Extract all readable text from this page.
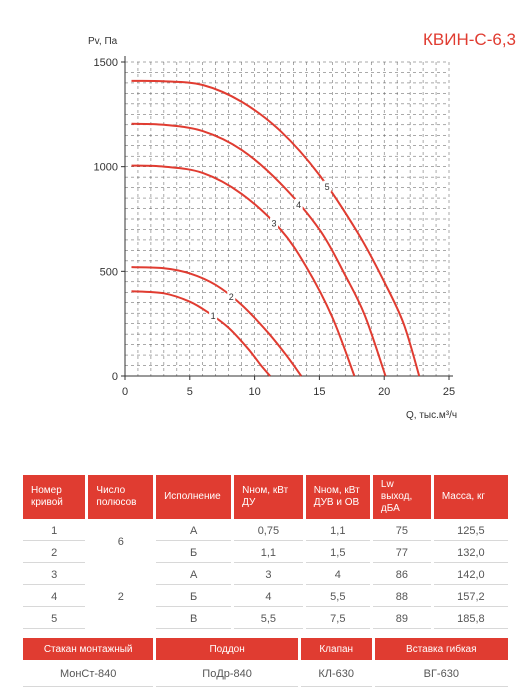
0	5	10	15	20	25
0
500
1000
1500
1
2
3
4
5
Pv, Па
Q, тыс.м³/ч
КВИН-С-6,3
Номер кривой	Число полюсов	Исполнение	Nном, кВт ДУ	Nном, кВт ДУВ и ОВ	Lw выход, дБА	Масса, кг
1	6	А	0,75	1,1	75	125,5
2		Б	1,1	1,5	77	132,0
3	2	А	3	4	86	142,0
4		Б	4	5,5	88	157,2
5		В	5,5	7,5	89	185,8
Стакан монтажный	Поддон	Клапан	Вставка гибкая
МонСт-840	ПоДр-840	КЛ-630	ВГ-630
